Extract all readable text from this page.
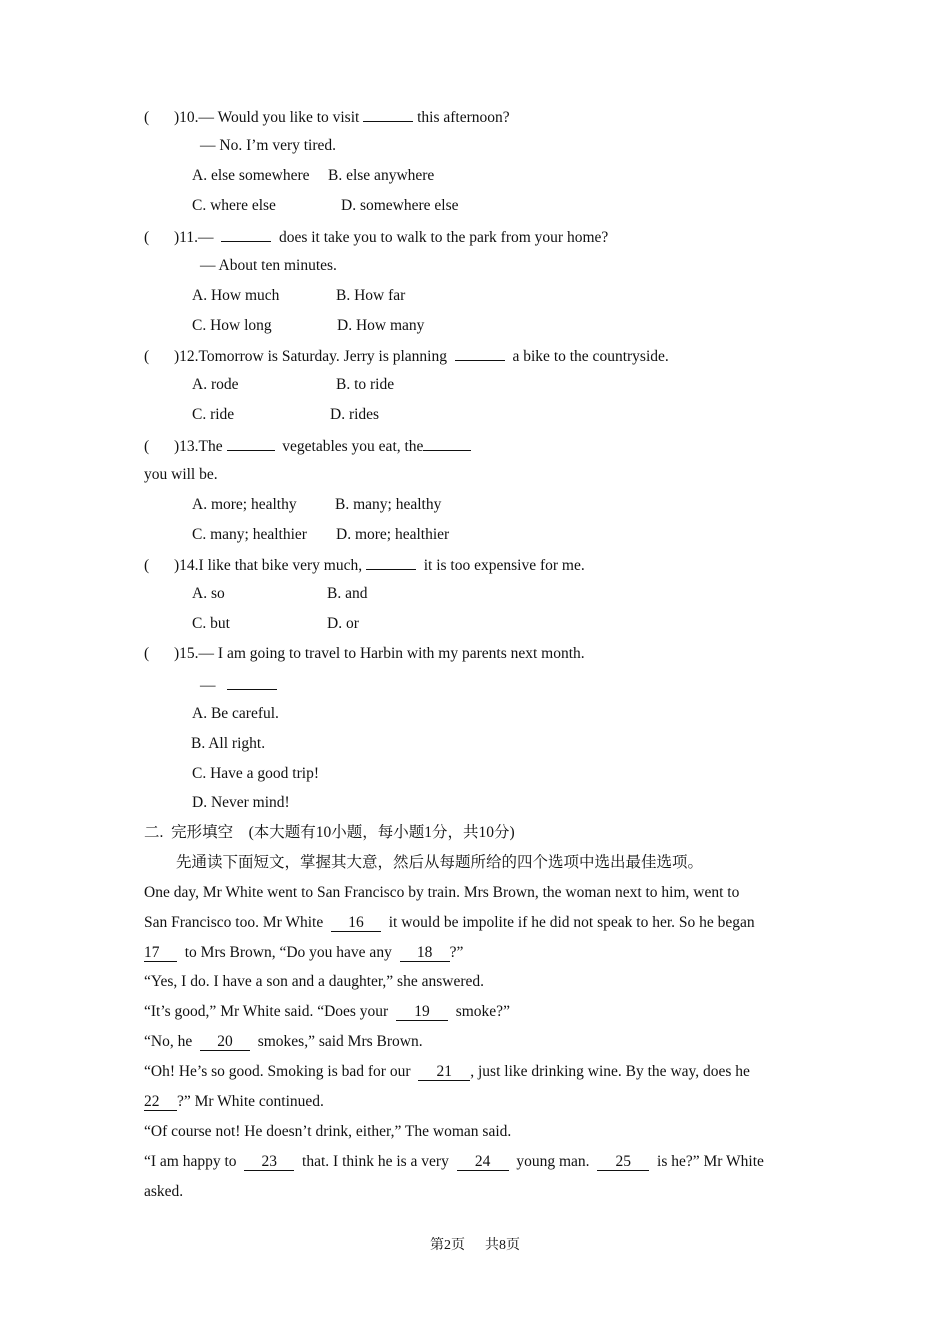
( )10.— Would you like to visit	this afternoon?
— No. I’m very tired.
A. else somewhere B. else anywhere
C. where else	D. somewhere else
( )11.—	does it take you to walk to the park from your home?
— About ten minutes.
A. How much	B. How far
C. How long	D. How many
( )12.Tomorrow is Saturday. Jerry is planning	a bike to the countryside.
A. rode	B. to ride
C. ride	D. rides
( )13.The	vegetables you eat, the
you will be.
A. more; healthy B. many; healthy
C. many; healthier D. more; healthier
( )14.I like that bike very much,	it is too expensive for me.
A. so	B. and
C. but	D. or
( )15.— I am going to travel to Harbin with my parents next month.
—
A. Be careful.
B. All right.
C. Have a good trip!
D. Never mind!
二.  完形填空    (本大题有10小题，每小题1分，共10分)
先通读下面短文，掌握其大意，然后从每题所给的四个选项中选出最佳选项。
One day, Mr White went to San Francisco by train. Mrs Brown, the woman next to him, went to
San Francisco too. Mr White 16 it would be impolite if he did not speak to her. So he began
17 to Mrs Brown, “Do you have any 18 ?”
“Yes, I do. I have a son and a daughter,” she answered.
“It’s good,” Mr White said. “Does your 19 smoke?”
“No, he 20 smokes,” said Mrs Brown.
“Oh! He’s so good. Smoking is bad for our 21 , just like drinking wine. By the way, does he
22 ?” Mr White continued.
“Of course not! He doesn’t drink, either,” The woman said.
“I am happy to 23 that. I think he is a very 24 young man. 25 is he?” Mr White
asked.
第2页 共8页
